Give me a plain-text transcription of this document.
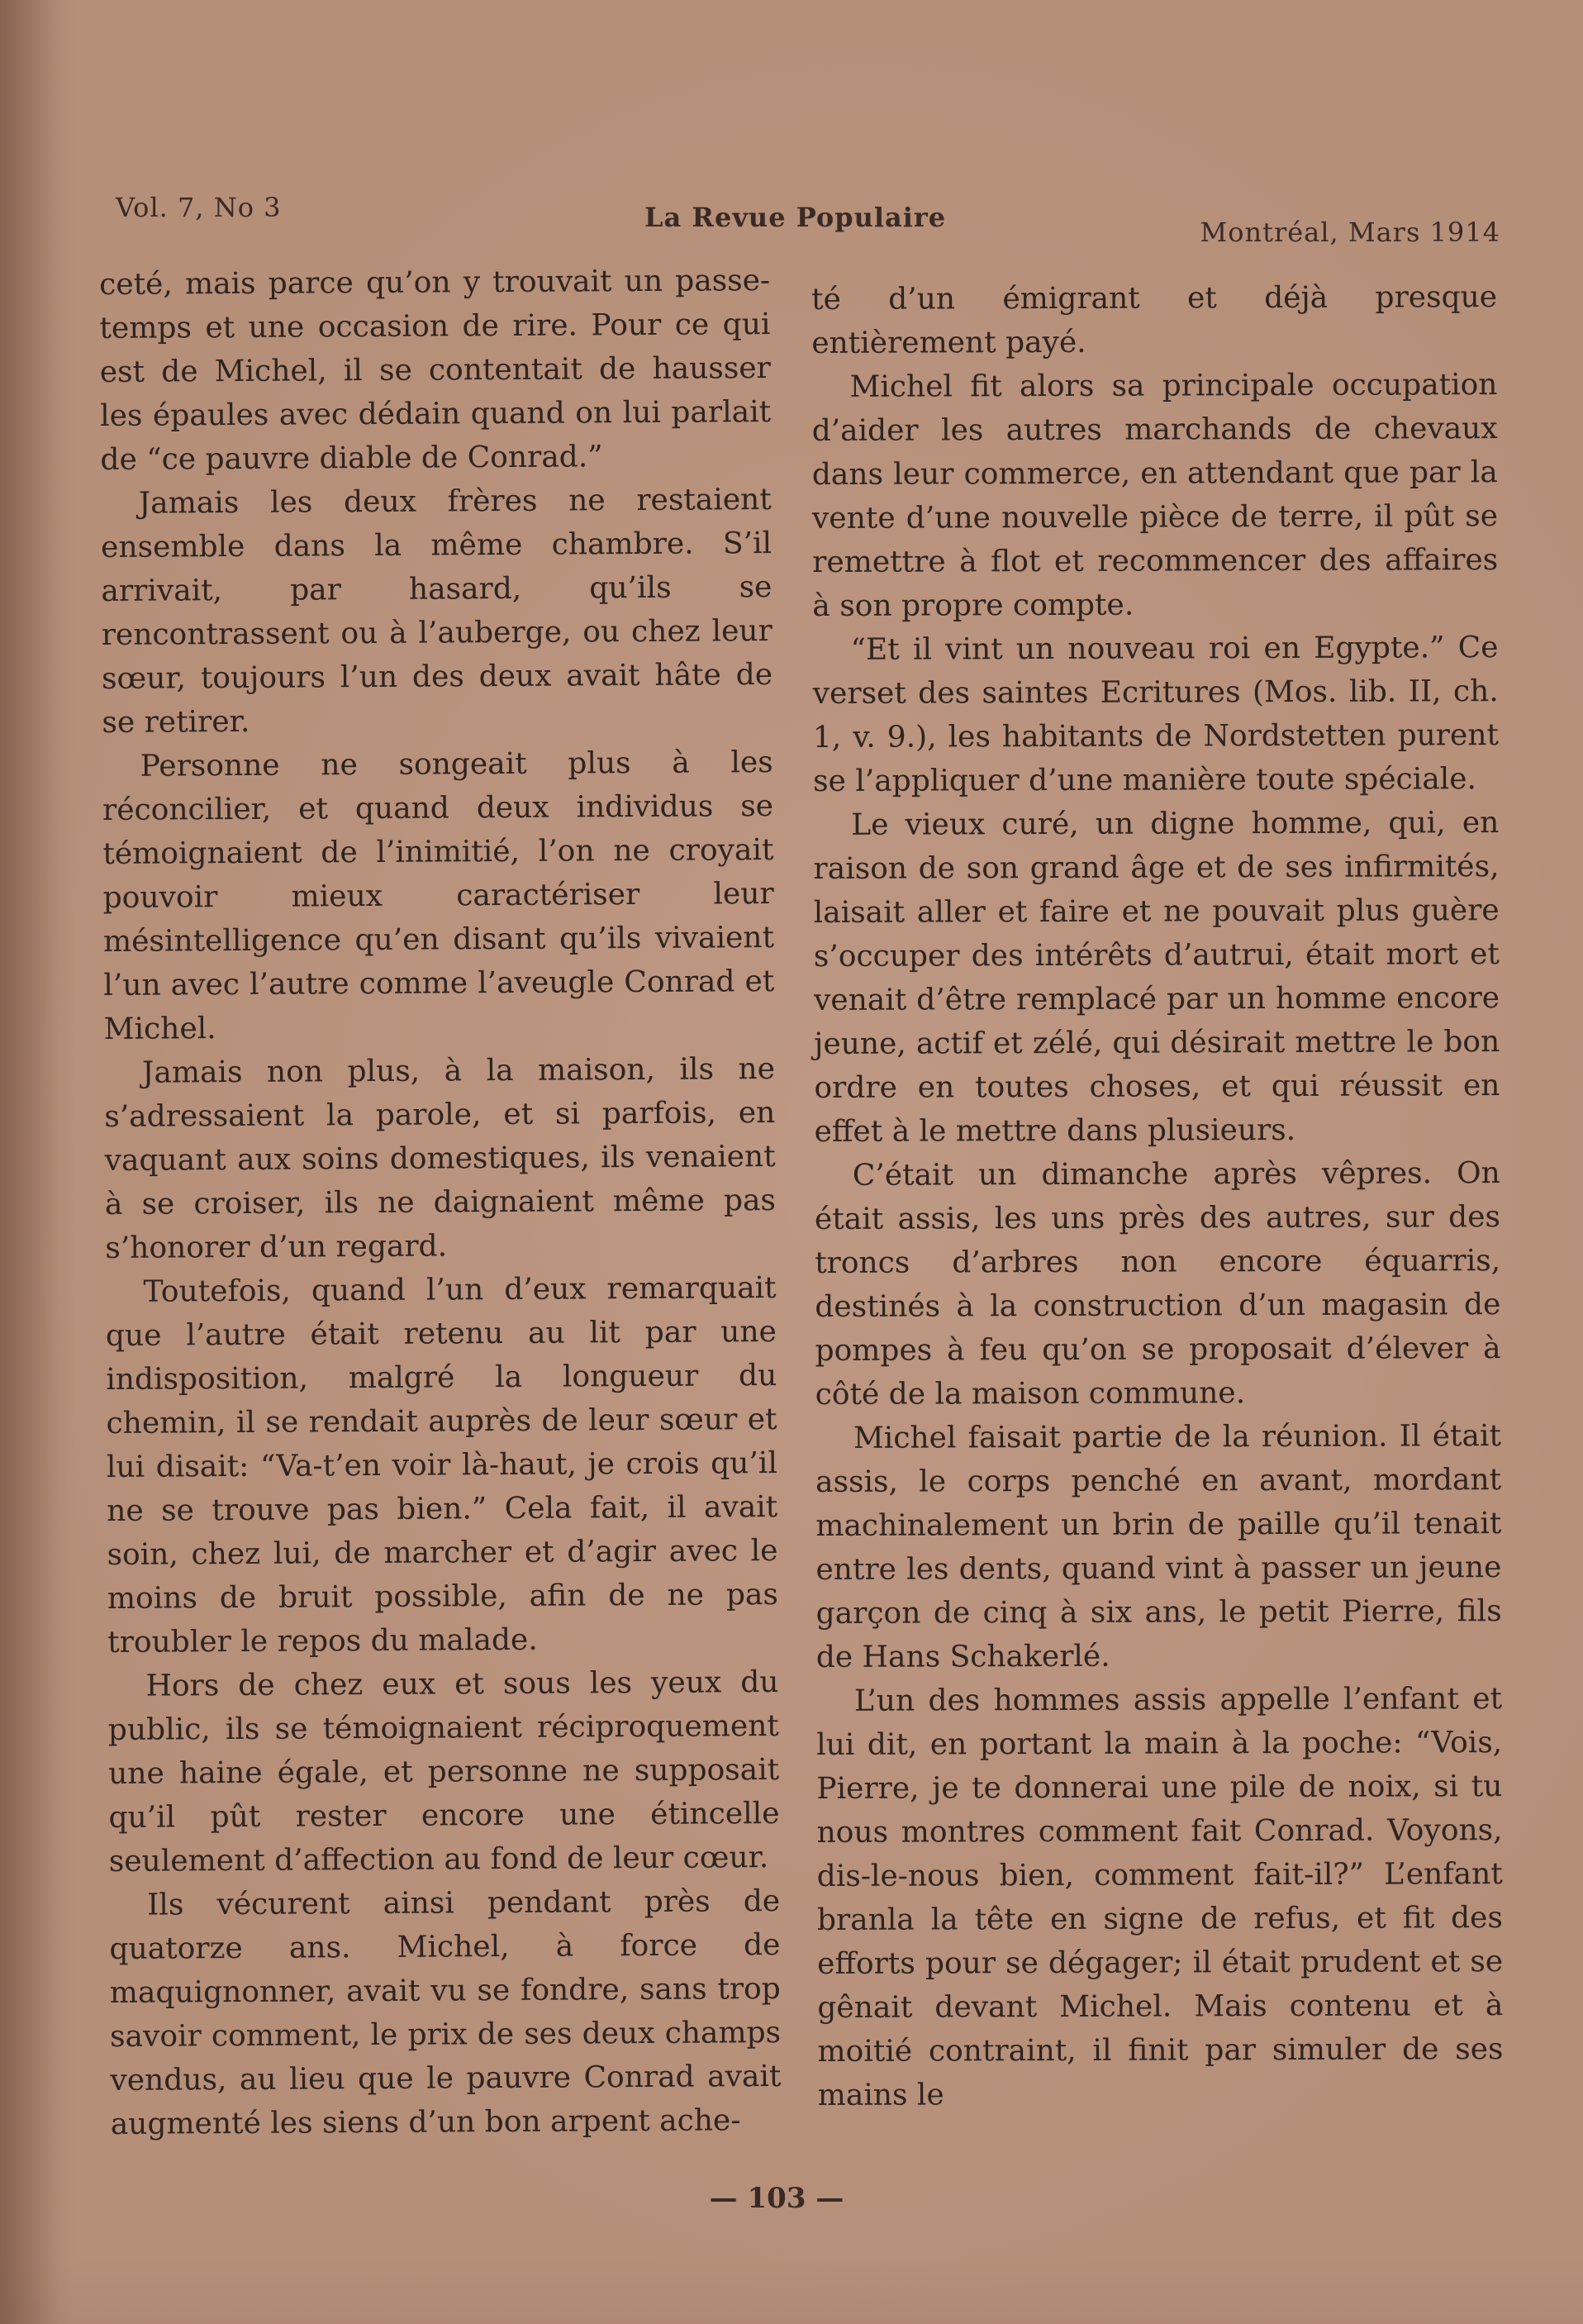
Vol. 7, No 3	La Revue Populaire	Montréal, Mars 1914

ceté, mais parce qu’on y trouvait un passe-temps et une occasion de rire. Pour ce qui est de Michel, il se contentait de hausser les épaules avec dédain quand on lui parlait de “ce pauvre diable de Conrad.”

Jamais les deux frères ne restaient ensemble dans la même chambre. S’il arrivait, par hasard, qu’ils se rencontrassent ou à l’auberge, ou chez leur sœur, toujours l’un des deux avait hâte de se retirer.

Personne ne songeait plus à les réconcilier, et quand deux individus se témoignaient de l’inimitié, l’on ne croyait pouvoir mieux caractériser leur mésintelligence qu’en disant qu’ils vivaient l’un avec l’autre comme l’aveugle Conrad et Michel.

Jamais non plus, à la maison, ils ne s’adressaient la parole, et si parfois, en vaquant aux soins domestiques, ils venaient à se croiser, ils ne daignaient même pas s’honorer d’un regard.

Toutefois, quand l’un d’eux remarquait que l’autre était retenu au lit par une indisposition, malgré la longueur du chemin, il se rendait auprès de leur sœur et lui disait: “Va-t’en voir là-haut, je crois qu’il ne se trouve pas bien.” Cela fait, il avait soin, chez lui, de marcher et d’agir avec le moins de bruit possible, afin de ne pas troubler le repos du malade.

Hors de chez eux et sous les yeux du public, ils se témoignaient réciproquement une haine égale, et personne ne supposait qu’il pût rester encore une étincelle seulement d’affection au fond de leur cœur.

Ils vécurent ainsi pendant près de quatorze ans. Michel, à force de maquignonner, avait vu se fondre, sans trop savoir comment, le prix de ses deux champs vendus, au lieu que le pauvre Conrad avait augmenté les siens d’un bon arpent ache-

té d’un émigrant et déjà presque entièrement payé.

Michel fit alors sa principale occupation d’aider les autres marchands de chevaux dans leur commerce, en attendant que par la vente d’une nouvelle pièce de terre, il pût se remettre à flot et recommencer des affaires à son propre compte.

“Et il vint un nouveau roi en Egypte.” Ce verset des saintes Ecritures (Mos. lib. II, ch. 1, v. 9.), les habitants de Nordstetten purent se l’appliquer d’une manière toute spéciale.

Le vieux curé, un digne homme, qui, en raison de son grand âge et de ses infirmités, laisait aller et faire et ne pouvait plus guère s’occuper des intérêts d’autrui, était mort et venait d’être remplacé par un homme encore jeune, actif et zélé, qui désirait mettre le bon ordre en toutes choses, et qui réussit en effet à le mettre dans plusieurs.

C’était un dimanche après vêpres. On était assis, les uns près des autres, sur des troncs d’arbres non encore équarris, destinés à la construction d’un magasin de pompes à feu qu’on se proposait d’élever à côté de la maison commune.

Michel faisait partie de la réunion. Il était assis, le corps penché en avant, mordant machinalement un brin de paille qu’il tenait entre les dents, quand vint à passer un jeune garçon de cinq à six ans, le petit Pierre, fils de Hans Schakerlé.

L’un des hommes assis appelle l’enfant et lui dit, en portant la main à la poche: “Vois, Pierre, je te donnerai une pile de noix, si tu nous montres comment fait Conrad. Voyons, dis-le-nous bien, comment fait-il?” L’enfant branla la tête en signe de refus, et fit des efforts pour se dégager; il était prudent et se gênait devant Michel. Mais contenu et à moitié contraint, il finit par simuler de ses mains le

— 103 —
